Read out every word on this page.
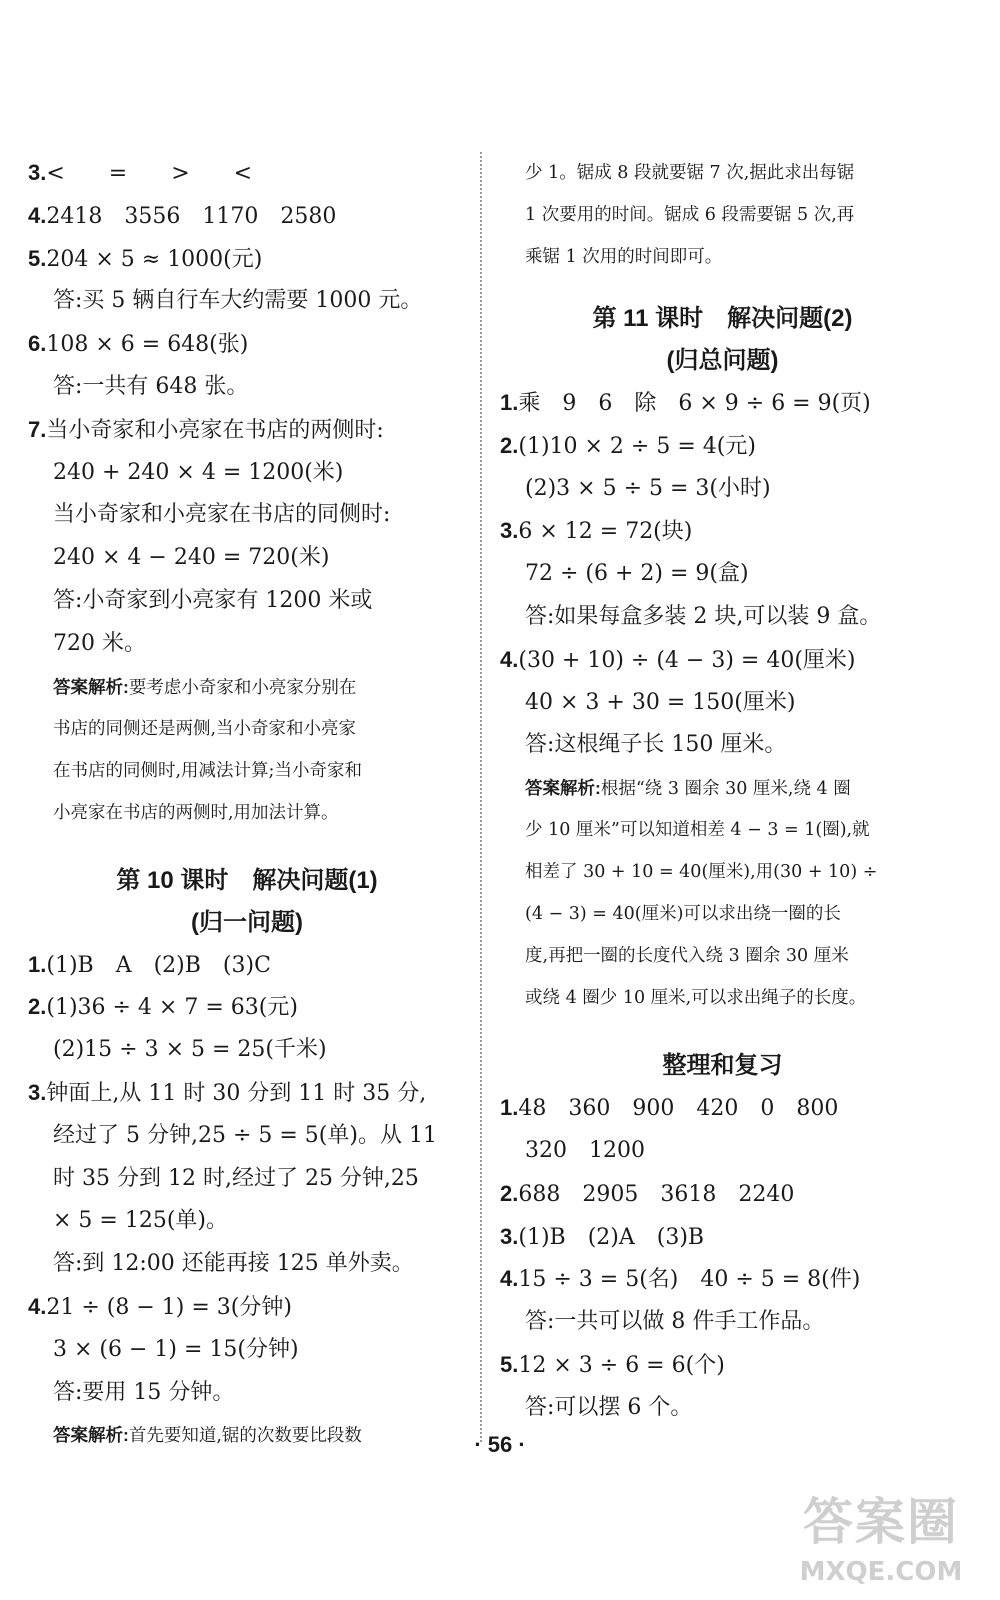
3.<　　=　　>　　<
4.2418　3556　1170　2580
5.204 × 5 ≈ 1000(元)
答:买 5 辆自行车大约需要 1000 元。
6.108 × 6 = 648(张)
答:一共有 648 张。
7.当小奇家和小亮家在书店的两侧时:
240 + 240 × 4 = 1200(米)
当小奇家和小亮家在书店的同侧时:
240 × 4 − 240 = 720(米)
答:小奇家到小亮家有 1200 米或
720 米。
答案解析:要考虑小奇家和小亮家分别在
书店的同侧还是两侧,当小奇家和小亮家
在书店的同侧时,用减法计算;当小奇家和
小亮家在书店的两侧时,用加法计算。
第 10 课时　解决问题(1)
(归一问题)
1.(1)B　A　(2)B　(3)C
2.(1)36 ÷ 4 × 7 = 63(元)
(2)15 ÷ 3 × 5 = 25(千米)
3.钟面上,从 11 时 30 分到 11 时 35 分,
经过了 5 分钟,25 ÷ 5 = 5(单)。从 11
时 35 分到 12 时,经过了 25 分钟,25
× 5 = 125(单)。
答:到 12:00 还能再接 125 单外卖。
4.21 ÷ (8 − 1) = 3(分钟)
3 × (6 − 1) = 15(分钟)
答:要用 15 分钟。
答案解析:首先要知道,锯的次数要比段数
少 1。锯成 8 段就要锯 7 次,据此求出每锯
1 次要用的时间。锯成 6 段需要锯 5 次,再
乘锯 1 次用的时间即可。
第 11 课时　解决问题(2)
(归总问题)
1.乘　9　6　除　6 × 9 ÷ 6 = 9(页)
2.(1)10 × 2 ÷ 5 = 4(元)
(2)3 × 5 ÷ 5 = 3(小时)
3.6 × 12 = 72(块)
72 ÷ (6 + 2) = 9(盒)
答:如果每盒多装 2 块,可以装 9 盒。
4.(30 + 10) ÷ (4 − 3) = 40(厘米)
40 × 3 + 30 = 150(厘米)
答:这根绳子长 150 厘米。
答案解析:根据“绕 3 圈余 30 厘米,绕 4 圈
少 10 厘米”可以知道相差 4 − 3 = 1(圈),就
相差了 30 + 10 = 40(厘米),用(30 + 10) ÷
(4 − 3) = 40(厘米)可以求出绕一圈的长
度,再把一圈的长度代入绕 3 圈余 30 厘米
或绕 4 圈少 10 厘米,可以求出绳子的长度。
整理和复习
1.48　360　900　420　0　800
320　1200
2.688　2905　3618　2240
3.(1)B　(2)A　(3)B
4.15 ÷ 3 = 5(名)　40 ÷ 5 = 8(件)
答:一共可以做 8 件手工作品。
5.12 × 3 ÷ 6 = 6(个)
答:可以摆 6 个。
· 56 ·
答案圈
MXQE.COM
